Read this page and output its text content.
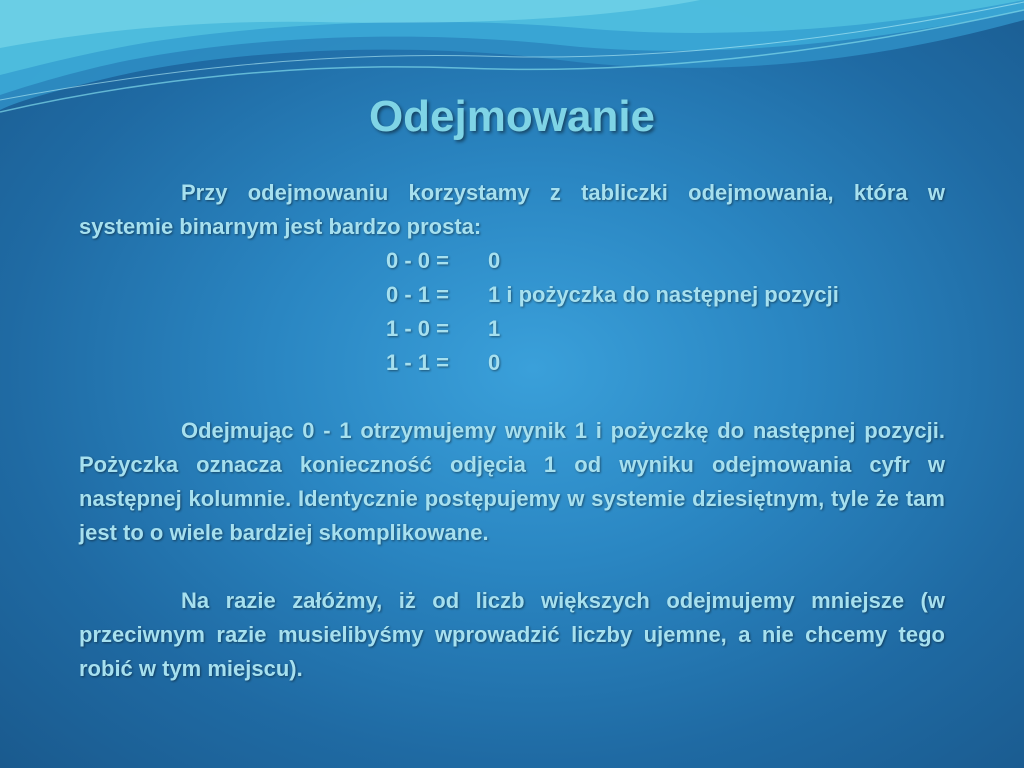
Odejmowanie

Przy odejmowaniu korzystamy z tabliczki odejmowania, która w systemie binarnym jest bardzo prosta:

0 - 0 =	0
0 - 1 =	1 i pożyczka do następnej pozycji
1 - 0 =	1
1 - 1 =	0

Odejmując 0 - 1 otrzymujemy wynik 1 i pożyczkę do następnej pozycji. Pożyczka oznacza konieczność odjęcia 1 od wyniku odejmowania cyfr w następnej kolumnie. Identycznie postępujemy w systemie dziesiętnym, tyle że tam jest to o wiele bardziej skomplikowane.

Na razie załóżmy, iż od liczb większych odejmujemy mniejsze (w przeciwnym razie musielibyśmy wprowadzić liczby ujemne, a nie chcemy tego robić w tym miejscu).
